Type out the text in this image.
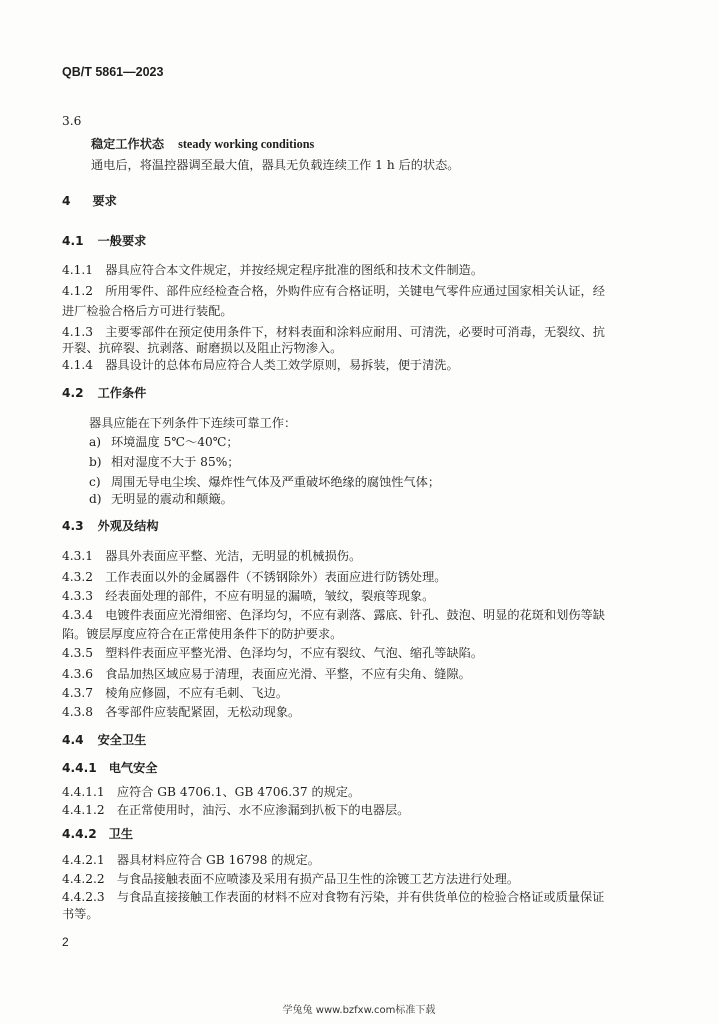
QB/T 5861—2023
3.6
稳定工作状态 steady working conditions
通电后，将温控器调至最大值，器具无负载连续工作 1 h 后的状态。
4 要求
4.1 一般要求
4.1.1　器具应符合本文件规定，并按经规定程序批准的图纸和技术文件制造。
4.1.2　所用零件、部件应经检查合格，外购件应有合格证明，关键电气零件应通过国家相关认证，经
进厂检验合格后方可进行装配。
4.1.3　主要零部件在预定使用条件下，材料表面和涂料应耐用、可清洗，必要时可消毒，无裂纹、抗
开裂、抗碎裂、抗剥落、耐磨损以及阻止污物渗入。
4.1.4　器具设计的总体布局应符合人类工效学原则，易拆装，便于清洗。
4.2 工作条件
器具应能在下列条件下连续可靠工作：
a) 环境温度 5℃～40℃；
b) 相对湿度不大于 85%；
c) 周围无导电尘埃、爆炸性气体及严重破坏绝缘的腐蚀性气体；
d) 无明显的震动和颠簸。
4.3 外观及结构
4.3.1　器具外表面应平整、光洁，无明显的机械损伤。
4.3.2　工作表面以外的金属器件（不锈钢除外）表面应进行防锈处理。
4.3.3　经表面处理的部件，不应有明显的漏喷，皱纹，裂痕等现象。
4.3.4　电镀件表面应光滑细密、色泽均匀，不应有剥落、露底、针孔、鼓泡、明显的花斑和划伤等缺
陷。镀层厚度应符合在正常使用条件下的防护要求。
4.3.5　塑料件表面应平整光滑、色泽均匀，不应有裂纹、气泡、缩孔等缺陷。
4.3.6　食品加热区域应易于清理，表面应光滑、平整，不应有尖角、缝隙。
4.3.7　棱角应修圆，不应有毛刺、飞边。
4.3.8　各零部件应装配紧固，无松动现象。
4.4 安全卫生
4.4.1 电气安全
4.4.1.1　应符合 GB 4706.1、GB 4706.37 的规定。
4.4.1.2　在正常使用时，油污、水不应渗漏到扒板下的电器层。
4.4.2 卫生
4.4.2.1　器具材料应符合 GB 16798 的规定。
4.4.2.2　与食品接触表面不应喷漆及采用有损产品卫生性的涂镀工艺方法进行处理。
4.4.2.3　与食品直接接触工作表面的材料不应对食物有污染，并有供货单位的检验合格证或质量保证
书等。
2
学兔兔 www.bzfxw.com标准下载
